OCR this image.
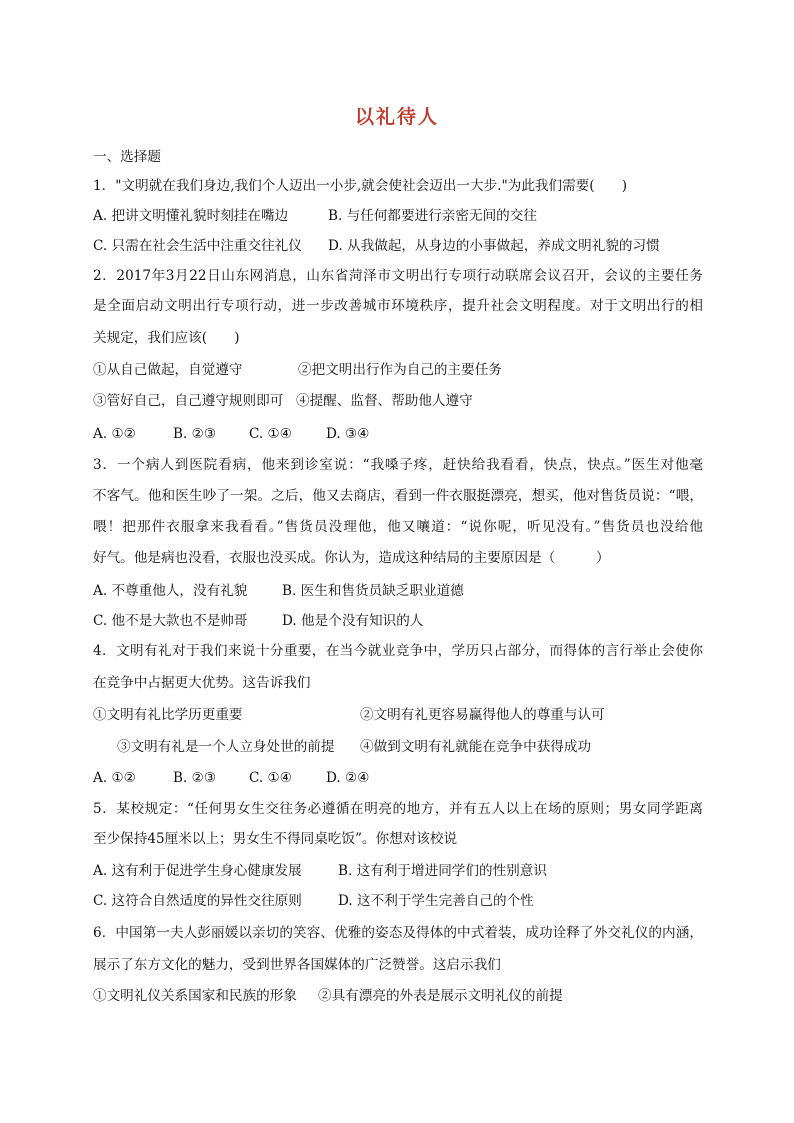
以礼待人
一、选择题
1．"文明就在我们身边,我们个人迈出一小步,就会使社会迈出一大步."为此我们需要(　　)
A. 把讲文明懂礼貌时刻挂在嘴边	B. 与任何都要进行亲密无间的交往
C. 只需在社会生活中注重交往礼仪 D. 从我做起，从身边的小事做起，养成文明礼貌的习惯
2．2017年3月22日山东网消息，山东省菏泽市文明出行专项行动联席会议召开，会议的主要任务
是全面启动文明出行专项行动，进一步改善城市环境秩序，提升社会文明程度。对于文明出行的相
关规定，我们应该(　　)
①从自己做起，自觉遵守	②把文明出行作为自己的主要任务
③管好自己，自己遵守规则即可 ④提醒、监督、帮助他人遵守
A. ①②	B. ②③ C. ①④	D. ③④
3．一个病人到医院看病，他来到诊室说：“我嗓子疼，赶快给我看看，快点，快点。”医生对他毫
不客气。他和医生吵了一架。之后，他又去商店，看到一件衣服挺漂亮，想买，他对售货员说：“喂，
喂！把那件衣服拿来我看看。”售货员没理他，他又嚷道：“说你呢，听见没有。”售货员也没给他
好气。他是病也没看，衣服也没买成。你认为，造成这种结局的主要原因是（　　　）
A. 不尊重他人，没有礼貌	B. 医生和售货员缺乏职业道德
C. 他不是大款也不是帅哥	D. 他是个没有知识的人
4．文明有礼对于我们来说十分重要，在当今就业竞争中，学历只占部分，而得体的言行举止会使你
在竞争中占据更大优势。这告诉我们
①文明有礼比学历更重要	②文明有礼更容易赢得他人的尊重与认可
③文明有礼是一个人立身处世的前提 ④做到文明有礼就能在竞争中获得成功
A. ①②	B. ②③ C. ①④	D. ②④
5．某校规定：“任何男女生交往务必遵循在明亮的地方，并有五人以上在场的原则；男女同学距离
至少保持45厘米以上；男女生不得同桌吃饭”。你想对该校说
A. 这有利于促进学生身心健康发展	B. 这有利于增进同学们的性别意识
C. 这符合自然适度的异性交往原则	D. 这不利于学生完善自己的个性
6．中国第一夫人彭丽媛以亲切的笑容、优雅的姿态及得体的中式着装，成功诠释了外交礼仪的内涵，
展示了东方文化的魅力，受到世界各国媒体的广泛赞誉。这启示我们
①文明礼仪关系国家和民族的形象 ②具有漂亮的外表是展示文明礼仪的前提
